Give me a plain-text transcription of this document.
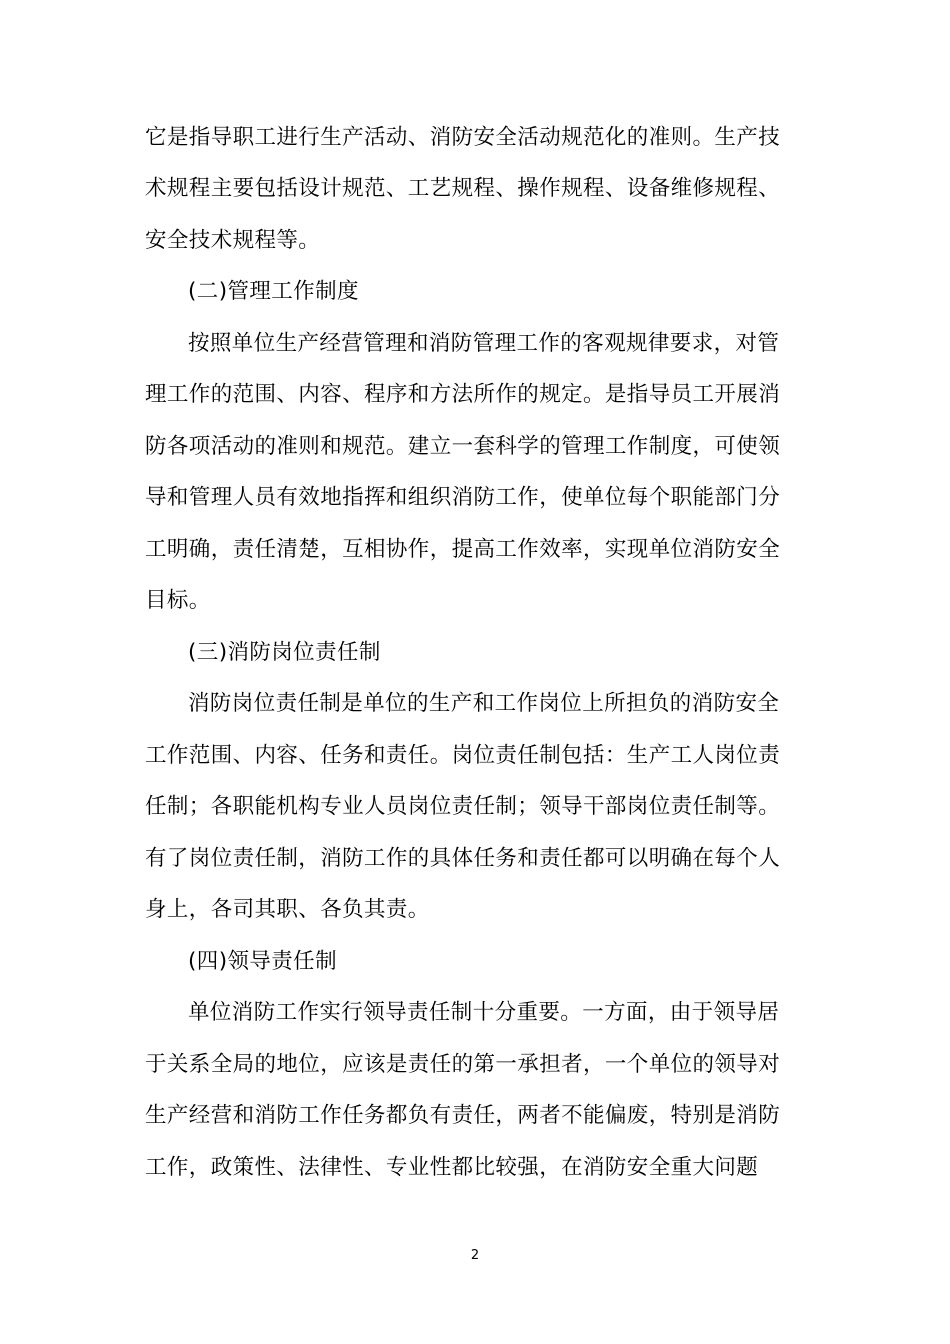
它是指导职工进行生产活动、消防安全活动规范化的准则。生产技
术规程主要包括设计规范、工艺规程、操作规程、设备维修规程、
安全技术规程等。
(二)管理工作制度
按照单位生产经营管理和消防管理工作的客观规律要求，对管
理工作的范围、内容、程序和方法所作的规定。是指导员工开展消
防各项活动的准则和规范。建立一套科学的管理工作制度，可使领
导和管理人员有效地指挥和组织消防工作，使单位每个职能部门分
工明确，责任清楚，互相协作，提高工作效率，实现单位消防安全
目标。
(三)消防岗位责任制
消防岗位责任制是单位的生产和工作岗位上所担负的消防安全
工作范围、内容、任务和责任。岗位责任制包括：生产工人岗位责
任制；各职能机构专业人员岗位责任制；领导干部岗位责任制等。
有了岗位责任制，消防工作的具体任务和责任都可以明确在每个人
身上，各司其职、各负其责。
(四)领导责任制
单位消防工作实行领导责任制十分重要。一方面，由于领导居
于关系全局的地位，应该是责任的第一承担者，一个单位的领导对
生产经营和消防工作任务都负有责任，两者不能偏废，特别是消防
工作，政策性、法律性、专业性都比较强，在消防安全重大问题
2
